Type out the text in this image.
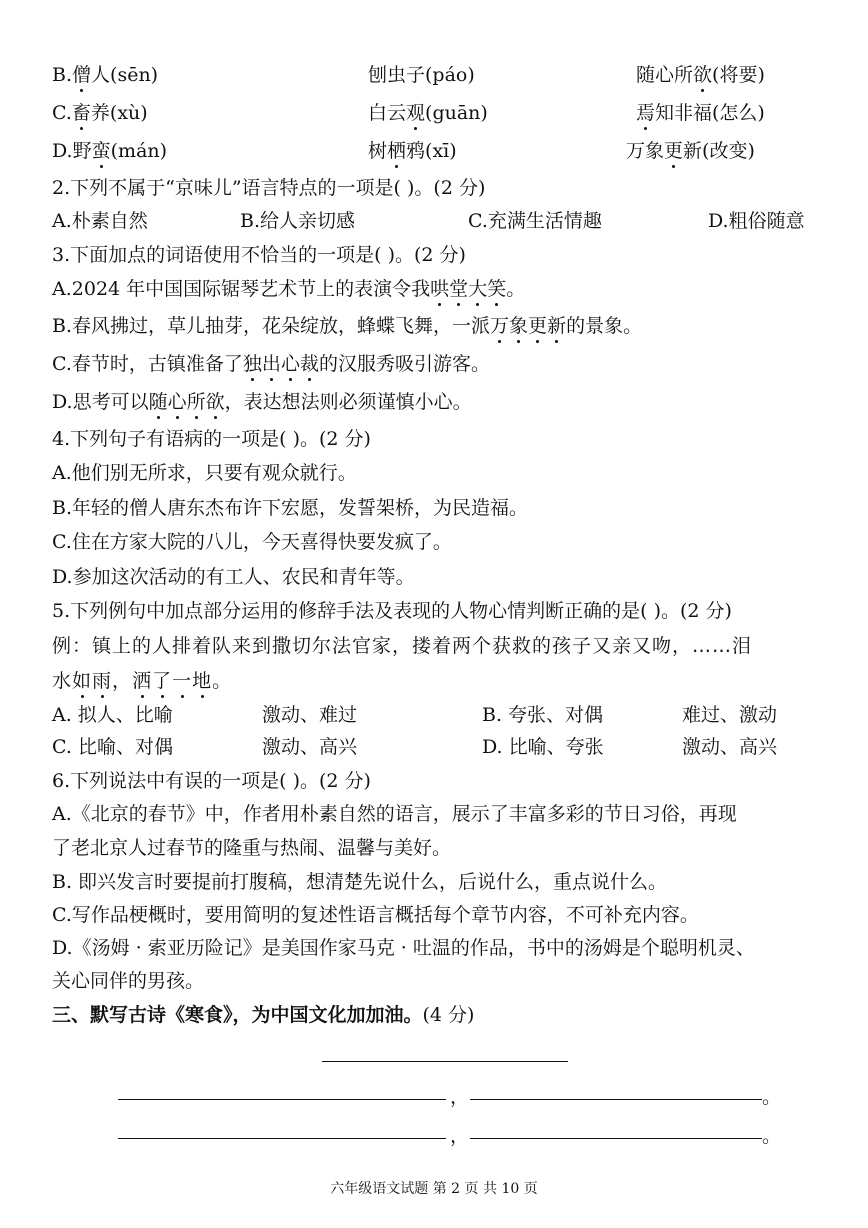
B.僧人(sēn)	刨虫子(páo)	随心所欲(将要)
C.畜养(xù)	白云观(guān)	焉知非福(怎么)
D.野蛮(mán)	树栖鸦(xī)	万象更新(改变)
2.下列不属于“京味儿”语言特点的一项是( )。(2 分)
A.朴素自然	B.给人亲切感	C.充满生活情趣	D.粗俗随意
3.下面加点的词语使用不恰当的一项是( )。(2 分)
A.2024 年中国国际锯琴艺术节上的表演令我哄堂大笑。
B.春风拂过，草儿抽芽，花朵绽放，蜂蝶飞舞，一派万象更新的景象。
C.春节时，古镇准备了独出心裁的汉服秀吸引游客。
D.思考可以随心所欲，表达想法则必须谨慎小心。
4.下列句子有语病的一项是( )。(2 分)
A.他们别无所求，只要有观众就行。
B.年轻的僧人唐东杰布许下宏愿，发誓架桥，为民造福。
C.住在方家大院的八儿，今天喜得快要发疯了。
D.参加这次活动的有工人、农民和青年等。
5.下列例句中加点部分运用的修辞手法及表现的人物心情判断正确的是( )。(2 分)
例：镇上的人排着队来到撒切尔法官家，搂着两个获救的孩子又亲又吻，……泪
水如雨，洒了一地。
A. 拟人、比喻	激动、难过	B. 夸张、对偶	难过、激动
C. 比喻、对偶	激动、高兴	D. 比喻、夸张	激动、高兴
6.下列说法中有误的一项是( )。(2 分)
A.《北京的春节》中，作者用朴素自然的语言，展示了丰富多彩的节日习俗，再现
了老北京人过春节的隆重与热闹、温馨与美好。
B. 即兴发言时要提前打腹稿，想清楚先说什么，后说什么，重点说什么。
C.写作品梗概时，要用简明的复述性语言概括每个章节内容，不可补充内容。
D.《汤姆 · 索亚历险记》是美国作家马克 · 吐温的作品，书中的汤姆是个聪明机灵、
关心同伴的男孩。
三、默写古诗《寒食》，为中国文化加加油。(4 分)
，	。
，	。
六年级语文试题 第 2 页 共 10 页
